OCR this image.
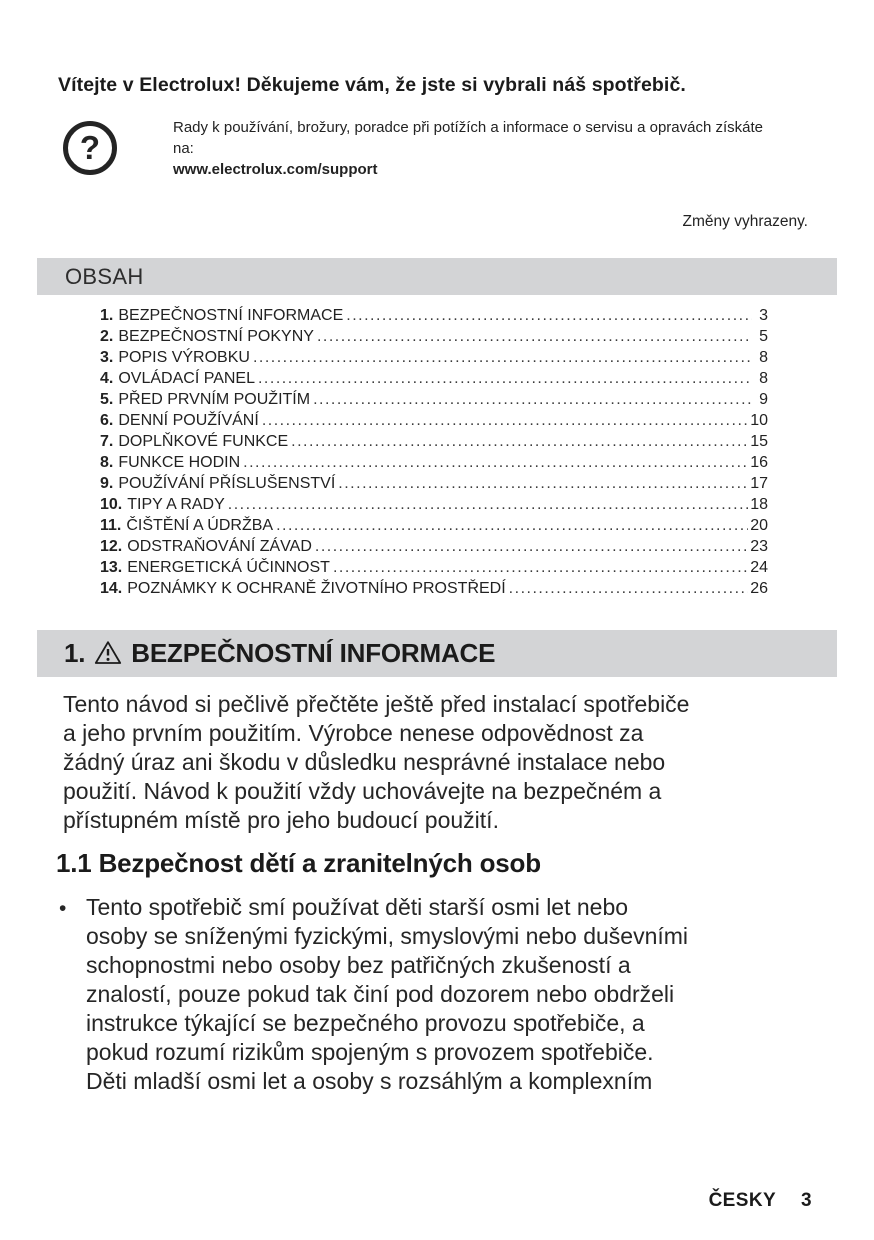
Vítejte v Electrolux! Děkujeme vám, že jste si vybrali náš spotřebič.
?
Rady k používání, brožury, poradce při potížích a informace o servisu a opravách získáte na:
www.electrolux.com/support
Změny vyhrazeny.
OBSAH
1. BEZPEČNOSTNÍ INFORMACE .....	3
2. BEZPEČNOSTNÍ POKYNY .....	5
3. POPIS VÝROBKU .....	8
4. OVLÁDACÍ PANEL .....	8
5. PŘED PRVNÍM POUŽITÍM .....	9
6. DENNÍ POUŽÍVÁNÍ .....	10
7. DOPLŇKOVÉ FUNKCE .....	15
8. FUNKCE HODIN .....	16
9. POUŽÍVÁNÍ PŘÍSLUŠENSTVÍ .....	17
10. TIPY A RADY .....	18
11. ČIŠTĚNÍ A ÚDRŽBA .....	20
12. ODSTRAŇOVÁNÍ ZÁVAD .....	23
13. ENERGETICKÁ ÚČINNOST .....	24
14. POZNÁMKY K OCHRANĚ ŽIVOTNÍHO PROSTŘEDÍ .....	26
1. BEZPEČNOSTNÍ INFORMACE
Tento návod si pečlivě přečtěte ještě před instalací spotřebiče
a jeho prvním použitím. Výrobce nenese odpovědnost za
žádný úraz ani škodu v důsledku nesprávné instalace nebo
použití. Návod k použití vždy uchovávejte na bezpečném a
přístupném místě pro jeho budoucí použití.
1.1 Bezpečnost dětí a zranitelných osob
• Tento spotřebič smí používat děti starší osmi let nebo
osoby se sníženými fyzickými, smyslovými nebo duševními
schopnostmi nebo osoby bez patřičných zkušeností a
znalostí, pouze pokud tak činí pod dozorem nebo obdrželi
instrukce týkající se bezpečného provozu spotřebiče, a
pokud rozumí rizikům spojeným s provozem spotřebiče.
Děti mladší osmi let a osoby s rozsáhlým a komplexním
ČESKY 3
